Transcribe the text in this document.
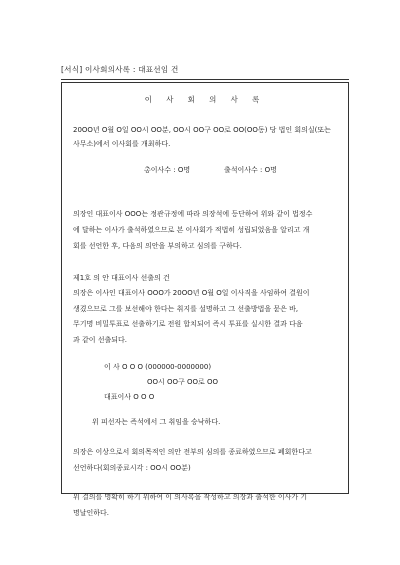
[서식] 이사회의사록 : 대표선임 건
이 사 회 의 사 록
20OO년 O월 O일 OO시 OO분, OO시 OO구 OO로 OO(OO동) 당 법인 회의실(또는
사무소)에서 이사회를 개최하다.
총이사수 : O명	출석이사수 : O명
의장인 대표이사 OOO는 정관규정에 따라 의장석에 등단하여 위와 같이 법정수
에 달하는 이사가 출석하였으므로 본 이사회가 적법히 성립되었음을 알리고 개
회를 선언한 후, 다음의 의안을 부의하고 심의를 구하다.
제1호 의 안 대표이사 선출의 건
의장은 이사인 대표이사 OOO가 20OO년 O월 O일 이사직을 사임하여 결원이
생겼으므로 그를 보선해야 한다는 취지를 설명하고 그 선출방법을 묻은 바,
무기명 비밀투표로 선출하기로 전원 합치되어 즉시 투표를 실시한 결과 다음
과 같이 선출되다.
이 사 O O O (000000-0000000)
OO시 OO구 OO로 OO
대표이사 O O O
위 피선자는 즉석에서 그 취임을 승낙하다.
의장은 이상으로서 회의목적인 의안 전부의 심의를 종료하였으므로 폐회한다고
선언하다(회의종료시각 : OO시 OO분)
위 결의를 명확히 하기 위하여 이 의사록을 작성하고 의장과 출석한 이사가 기
명날인하다.
